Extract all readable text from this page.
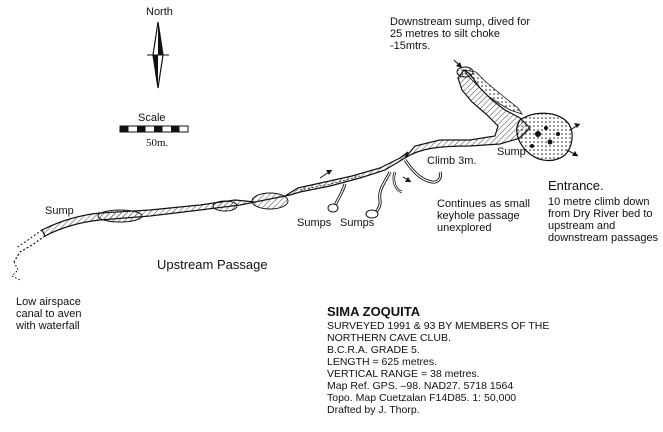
North
Scale
50m.
Downstream sump, dived for
25 metres to silt choke
-15mtrs.
Sump
Climb 3m.
Entrance.
10 metre climb down
from Dry River bed to
upstream and
downstream passages
Continues as small
keyhole passage
unexplored
Sumps Sumps
Sump
Upstream Passage
Low airspace
canal to aven
with waterfall
SIMA ZOQUITA
SURVEYED 1991 & 93 BY MEMBERS OF THE
NORTHERN CAVE CLUB.
B.C.R.A. GRADE 5.
LENGTH = 625 metres.
VERTICAL RANGE = 38 metres.
Map Ref. GPS. –98. NAD27. 5718 1564
Topo. Map Cuetzalan F14D85. 1: 50,000
Drafted by J. Thorp.
